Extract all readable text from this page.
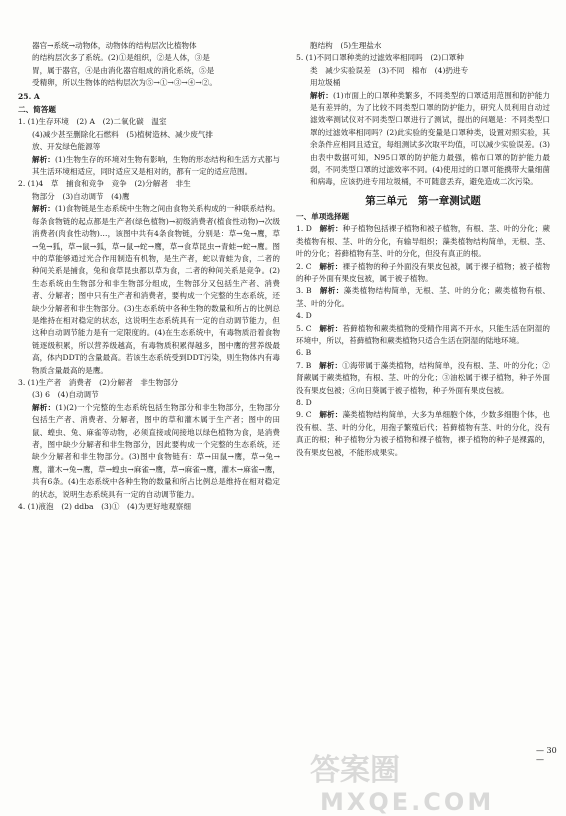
器官→系统→动物体，动物体的结构层次比植物体

的结构层次多了系统。(2)①是组织，②是人体，③是

胃，属于器官，④是由消化器官组成的消化系统，⑤是

受精卵，所以生物体的结构层次为⑤→①→③→④→②。

25. A

二、简答题

1. (1)生存环境　(2) A　(2)二氧化碳　温室

(4)减少甚至删除化石燃料　(5)植树造林、减少废气排

放、开发绿色能源等

解析：(1)生物生存的环境对生物有影响，生物的形态结构和生活方式都与其生活环境相适应，同时适应又是相对的，都有一定的适应范围。

2. (1)4　草　捕食和竞争　竞争　(2)分解者　非生

物部分　(3)自动调节　(4)鹰

解析：(1)食物链是生态系统中生物之间由食物关系构成的一种联系结构。每条食物链的起点都是生产者(绿色植物)→初级消费者(植食性动物)→次级消费者(肉食性动物)…，该图中共有4条食物链，分别是：草→兔→鹰，草→兔→狐，草→鼠→狐，草→鼠→蛇→鹰，草→食草昆虫→青蛙→蛇→鹰。图中的草能够通过光合作用制造有机物，是生产者，蛇以青蛙为食，二者的种间关系是捕食，兔和食草昆虫都以草为食，二者的种间关系是竞争。(2)生态系统由生物部分和非生物部分组成，生物部分又包括生产者、消费者、分解者；图中只有生产者和消费者，要构成一个完整的生态系统，还缺少分解者和非生物部分。(3)生态系统中各种生物的数量和所占的比例总是维持在相对稳定的状态，这说明生态系统具有一定的自动调节能力，但这种自动调节能力是有一定限度的。(4)在生态系统中，有毒物质沿着食物链逐级积累，所以营养级越高，有毒物质积累得越多，图中鹰的营养级最高，体内DDT的含量最高。若该生态系统受到DDT污染，则生物体内有毒物质含量最高的是鹰。

3. (1)生产者　消费者　(2)分解者　非生物部分

(3) 6　(4)自动调节

解析：(1)(2)一个完整的生态系统包括生物部分和非生物部分，生物部分包括生产者、消费者、分解者，图中的草和灌木属于生产者；图中的田鼠、蝗虫、兔、麻雀等动物，必须直接或间接地以绿色植物为食，是消费者，图中缺少分解者和非生物部分，因此要构成一个完整的生态系统，还缺少分解者和非生物部分。(3)图中食物链有：草→田鼠→鹰，草→兔→鹰，灌木→兔→鹰，草→蝗虫→麻雀→鹰，草→麻雀→鹰，灌木→麻雀→鹰，共有6条。(4)生态系统中各种生物的数量和所占比例总是维持在相对稳定的状态，说明生态系统具有一定的自动调节能力。

4. (1)液泡　(2) ddba　(3)①　(4)为更好地观察细

胞结构　(5)生理盐水

5. (1)不同口罩种类的过滤效率相同吗　(2)口罩种

类　减少实验误差　(3)不同　棉布　(4)扔进专

用垃圾桶

解析：(1)市面上的口罩种类繁多，不同类型的口罩适用范围和防护能力是有差异的，为了比较不同类型口罩的防护能力，研究人员利用自动过滤效率测试仪对不同类型口罩进行了测试，提出的问题是：不同类型口罩的过滤效率相同吗？(2)此实验的变量是口罩种类，设置对照实验，其余条件应相同且适宜，每组测试多次取平均值，可以减少实验误差。(3)由表中数据可知，N95口罩的防护能力最强，棉布口罩的防护能力最弱，不同类型口罩的过滤效率不同。(4)使用过的口罩可能携带大量细菌和病毒，应该扔进专用垃圾桶，不可随意丢弃，避免造成二次污染。

第三单元　第一章测试题

一、单项选择题

1. D　解析：种子植物包括裸子植物和被子植物，有根、茎、叶的分化；蕨类植物有根、茎、叶的分化，有输导组织；藻类植物结构简单，无根、茎、叶的分化；苔藓植物有茎、叶的分化，但没有真正的根。

2. C　解析：裸子植物的种子外面没有果皮包被，属于裸子植物；被子植物的种子外面有果皮包被，属于被子植物。

3. B　解析：藻类植物结构简单，无根、茎、叶的分化；蕨类植物有根、茎、叶的分化。

4. D

5. C　解析：苔藓植物和蕨类植物的受精作用离不开水，只能生活在阴湿的环境中，所以，苔藓植物和蕨类植物只适合生活在阴湿的陆地环境。

6. B

7. B　解析：①海带属于藻类植物，结构简单，没有根、茎、叶的分化；②肾蕨属于蕨类植物，有根、茎、叶的分化；③油松属于裸子植物，种子外面没有果皮包被；④向日葵属于被子植物，种子外面有果皮包被。

8. D

9. C　解析：藻类植物结构简单，大多为单细胞个体，少数多细胞个体，也没有根、茎、叶的分化，用孢子繁殖后代；苔藓植物有茎、叶的分化，没有真正的根；种子植物分为被子植物和裸子植物，裸子植物的种子是裸露的，没有果皮包被，不能形成果实。

— 30 —
答案圈
MXQE.COM
